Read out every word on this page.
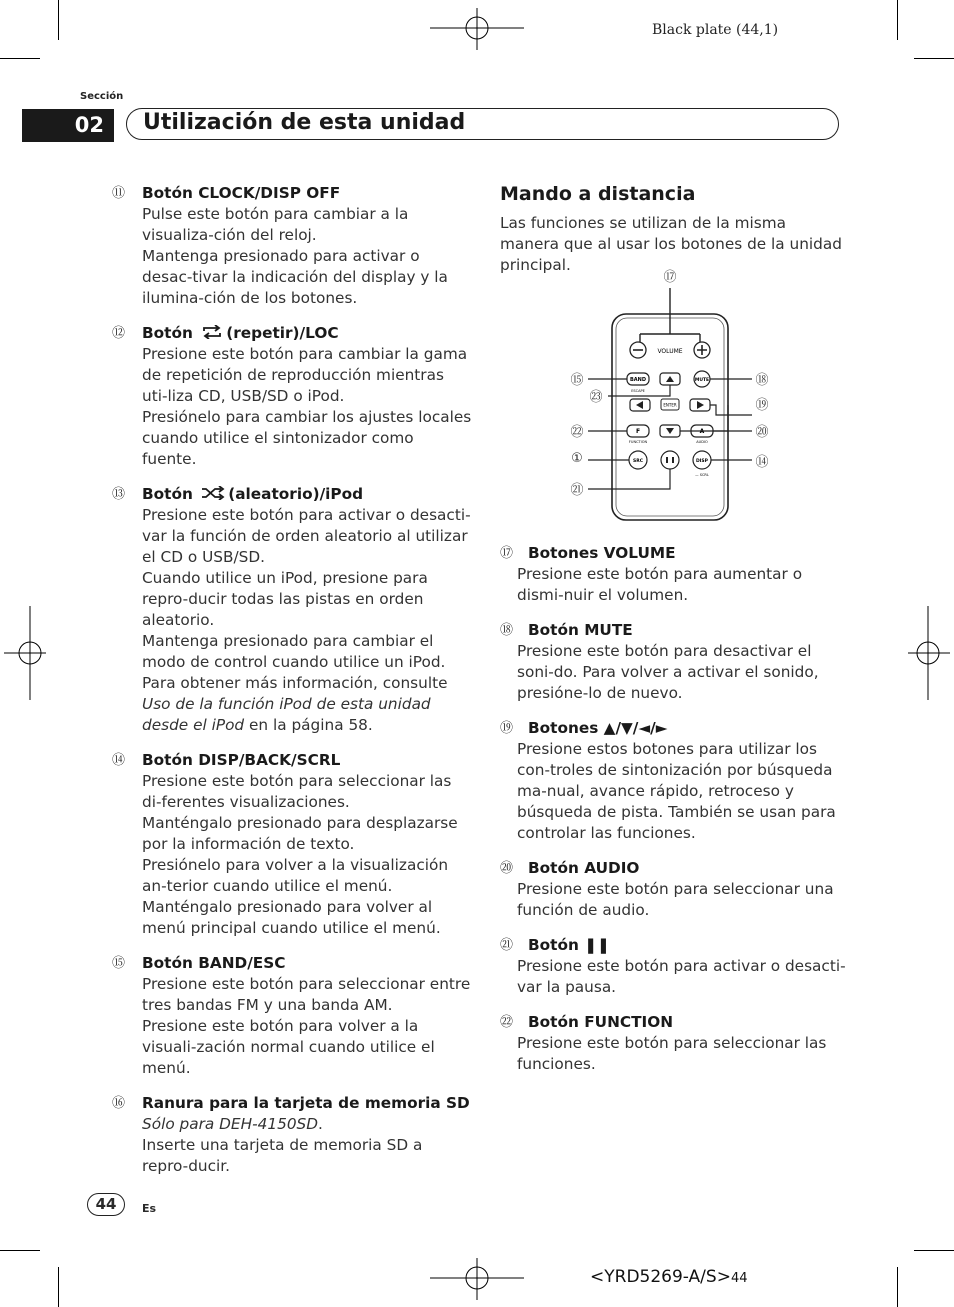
Black plate (44,1)
Sección
02	Utilización de esta unidad
⑪ Botón CLOCK/DISP OFF

Pulse este botón para cambiar a la visualiza-ción del reloj.

Mantenga presionado para activar o desac-tivar la indicación del display y la ilumina-ción de los botones.

⑫ Botón (repetir)/LOC

Presione este botón para cambiar la gama de repetición de reproducción mientras uti-liza CD, USB/SD o iPod.

Presiónelo para cambiar los ajustes locales cuando utilice el sintonizador como fuente.

⑬ Botón (aleatorio)/iPod

Presione este botón para activar o desacti-var la función de orden aleatorio al utilizar el CD o USB/SD.

Cuando utilice un iPod, presione para repro-ducir todas las pistas en orden aleatorio.

Mantenga presionado para cambiar el modo de control cuando utilice un iPod.

Para obtener más información, consulte

Uso de la función iPod de esta unidad desde el iPod en la página 58.

⑭ Botón DISP/BACK/SCRL

Presione este botón para seleccionar las di-ferentes visualizaciones.

Manténgalo presionado para desplazarse por la información de texto.

Presiónelo para volver a la visualización an-terior cuando utilice el menú.

Manténgalo presionado para volver al menú principal cuando utilice el menú.

⑮ Botón BAND/ESC

Presione este botón para seleccionar entre tres bandas FM y una banda AM.

Presione este botón para volver a la visuali-zación normal cuando utilice el menú.

⑯ Ranura para la tarjeta de memoria SD

Sólo para DEH-4150SD.

Inserte una tarjeta de memoria SD a repro-ducir.

Mando a distancia
Las funciones se utilizan de la misma manera que al usar los botones de la unidad principal.
VOLUME
BAND
ESCAPE
MUTE
ENTER
F
FUNCTION
A
AUDIO
SRC	DISP
— SCRL
⑰
⑮
㉓
㉒
①
㉑
⑱
⑲
⑳
⑭
⑰ Botones VOLUME

Presione este botón para aumentar o dismi-nuir el volumen.

⑱ Botón MUTE

Presione este botón para desactivar el soni-do. Para volver a activar el sonido, presióne-lo de nuevo.

⑲ Botones ▲/▼/◄/►

Presione estos botones para utilizar los con-troles de sintonización por búsqueda ma-nual, avance rápido, retroceso y búsqueda de pista. También se usan para controlar las funciones.

⑳ Botón AUDIO

Presione este botón para seleccionar una función de audio.

㉑ Botón ❚❚

Presione este botón para activar o desacti-var la pausa.

㉒ Botón FUNCTION

Presione este botón para seleccionar las funciones.

44	Es
<YRD5269-A/S>44
